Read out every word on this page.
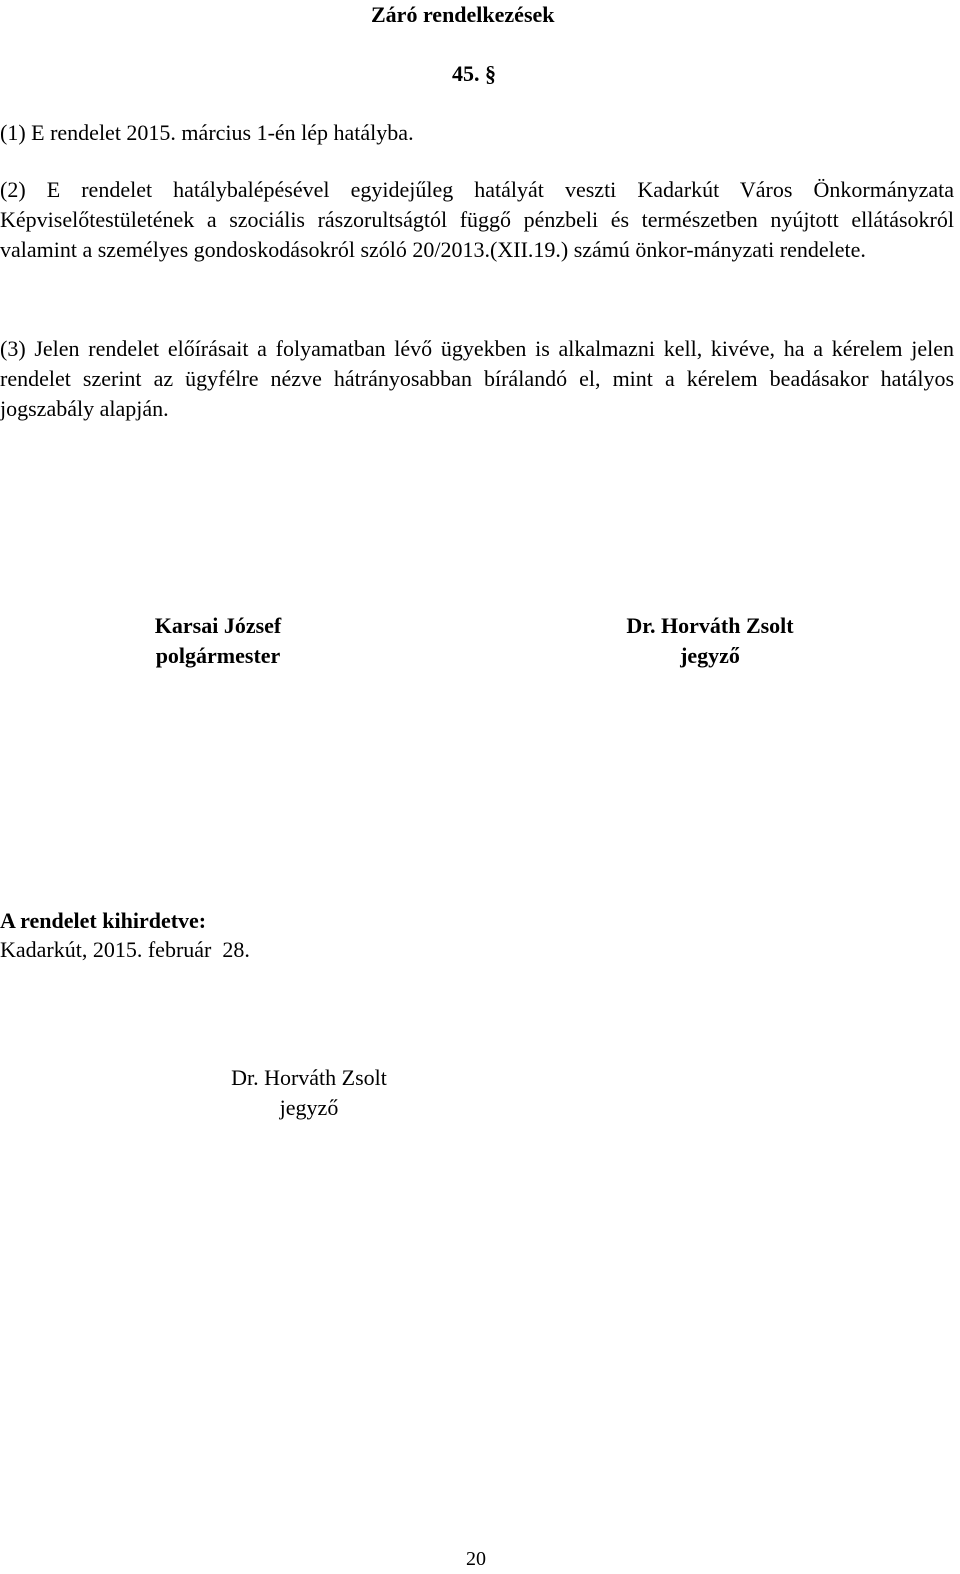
Záró rendelkezések
45. §
(1) E rendelet 2015. március 1-én lép hatályba.
(2) E rendelet hatálybalépésével egyidejűleg hatályát veszti Kadarkút Város Önkormányzata Képviselőtestületének a szociális rászorultságtól függő pénzbeli és természetben nyújtott ellátásokról valamint a személyes gondoskodásokról szóló 20/2013.(XII.19.) számú önkor-mányzati rendelete.
(3) Jelen rendelet előírásait a folyamatban lévő ügyekben is alkalmazni kell, kivéve, ha a kérelem jelen rendelet szerint az ügyfélre nézve hátrányosabban bírálandó el, mint a kérelem beadásakor hatályos jogszabály alapján.
Karsai József
polgármester
Dr. Horváth Zsolt
jegyző
A rendelet kihirdetve:
Kadarkút, 2015. február  28.
Dr. Horváth Zsolt
jegyző
20
